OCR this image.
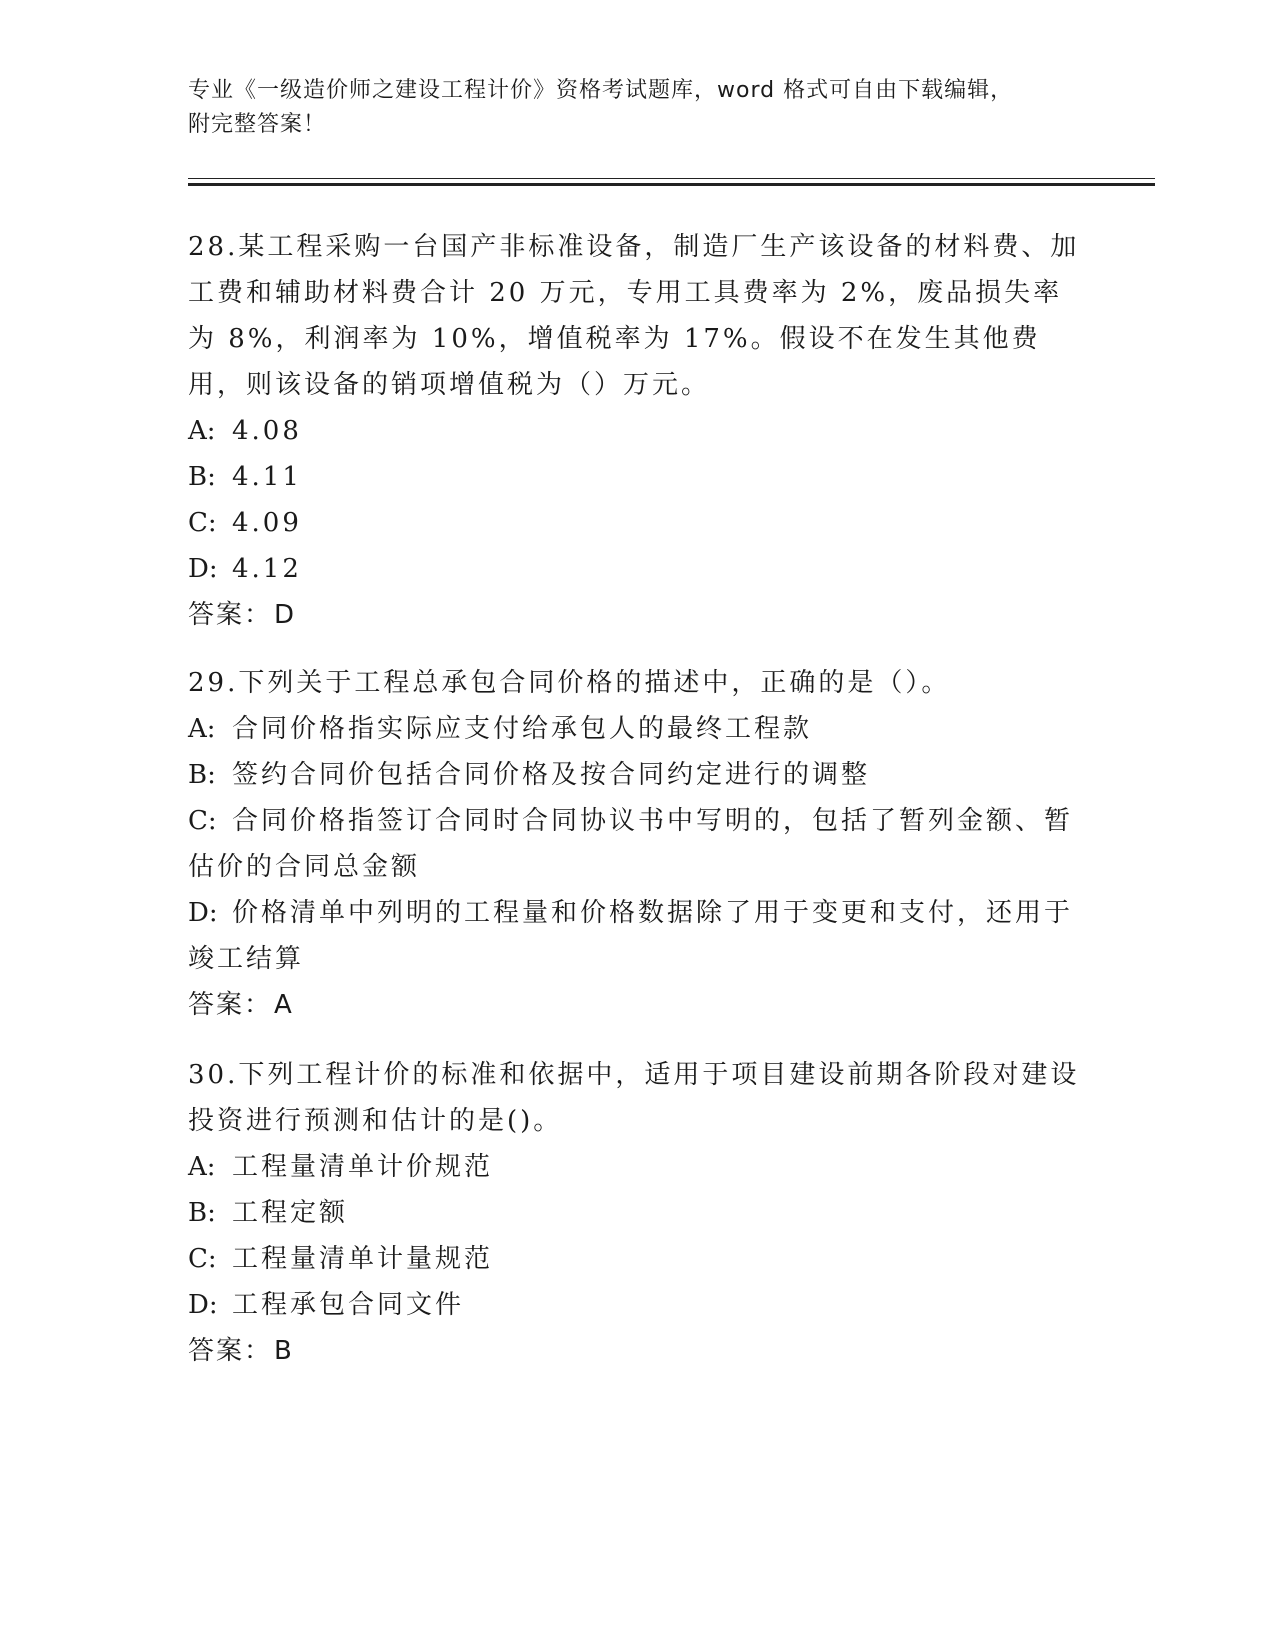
专业《一级造价师之建设工程计价》资格考试题库，word 格式可自由下载编辑，
附完整答案！

28.某工程采购一台国产非标准设备，制造厂生产该设备的材料费、加工费和辅助材料费合计 20 万元，专用工具费率为 2%，废品损失率为 8%，利润率为 10%，增值税率为 17%。假设不在发生其他费用，则该设备的销项增值税为（）万元。

A: 4.08

B: 4.11

C: 4.09

D: 4.12

答案：D

29.下列关于工程总承包合同价格的描述中，正确的是（）。

A: 合同价格指实际应支付给承包人的最终工程款

B: 签约合同价包括合同价格及按合同约定进行的调整

C: 合同价格指签订合同时合同协议书中写明的，包括了暂列金额、暂估价的合同总金额

D: 价格清单中列明的工程量和价格数据除了用于变更和支付，还用于竣工结算

答案：A

30.下列工程计价的标准和依据中，适用于项目建设前期各阶段对建设投资进行预测和估计的是()。

A: 工程量清单计价规范

B: 工程定额

C: 工程量清单计量规范

D: 工程承包合同文件

答案：B
